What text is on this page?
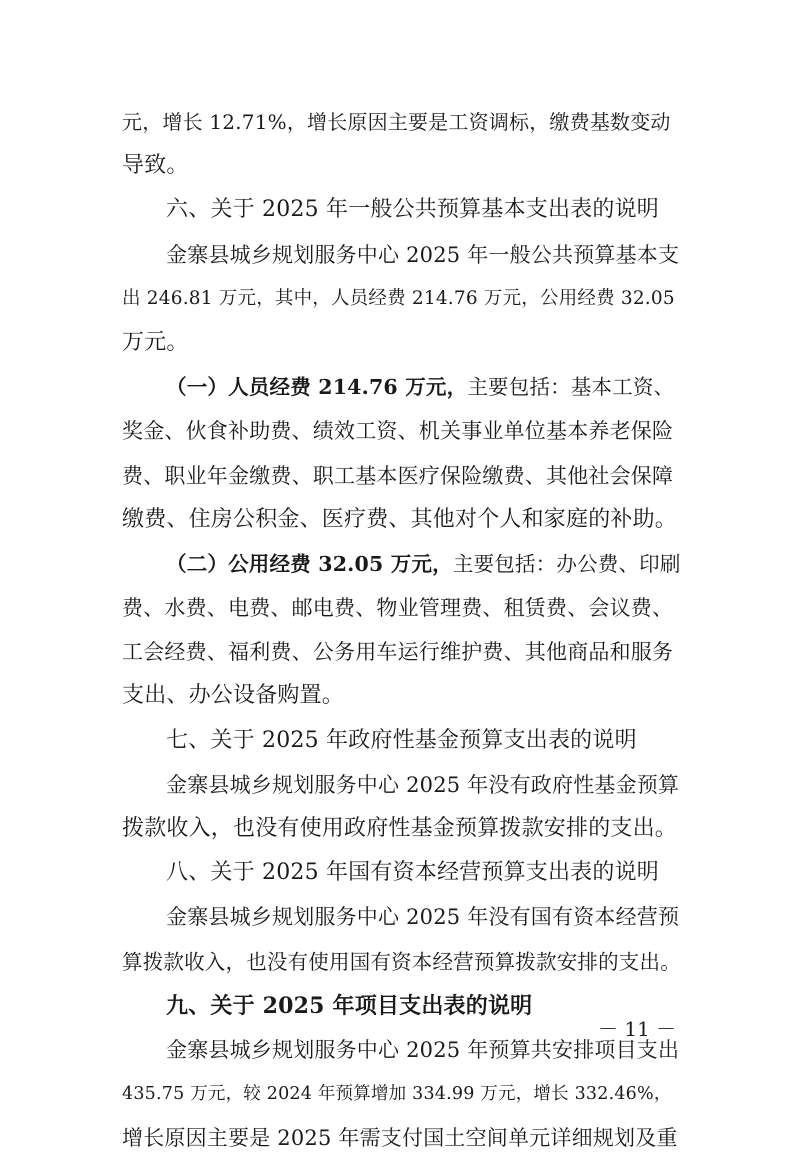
元，增长 12.71%，增长原因主要是工资调标，缴费基数变动
导致。
六、关于 2025 年一般公共预算基本支出表的说明
金寨县城乡规划服务中心 2025 年一般公共预算基本支
出 246.81 万元，其中，人员经费 214.76 万元，公用经费 32.05
万元。
（一）人员经费 214.76 万元，主要包括：基本工资、
奖金、伙食补助费、绩效工资、机关事业单位基本养老保险
费、职业年金缴费、职工基本医疗保险缴费、其他社会保障
缴费、住房公积金、医疗费、其他对个人和家庭的补助。
（二）公用经费 32.05 万元，主要包括：办公费、印刷
费、水费、电费、邮电费、物业管理费、租赁费、会议费、
工会经费、福利费、公务用车运行维护费、其他商品和服务
支出、办公设备购置。
七、关于 2025 年政府性基金预算支出表的说明
金寨县城乡规划服务中心 2025 年没有政府性基金预算
拨款收入，也没有使用政府性基金预算拨款安排的支出。
八、关于 2025 年国有资本经营预算支出表的说明
金寨县城乡规划服务中心 2025 年没有国有资本经营预
算拨款收入，也没有使用国有资本经营预算拨款安排的支出。
九、关于 2025 年项目支出表的说明
金寨县城乡规划服务中心 2025 年预算共安排项目支出
435.75 万元，较 2024 年预算增加 334.99 万元，增长 332.46%，
增长原因主要是 2025 年需支付国土空间单元详细规划及重
－ 11 －
